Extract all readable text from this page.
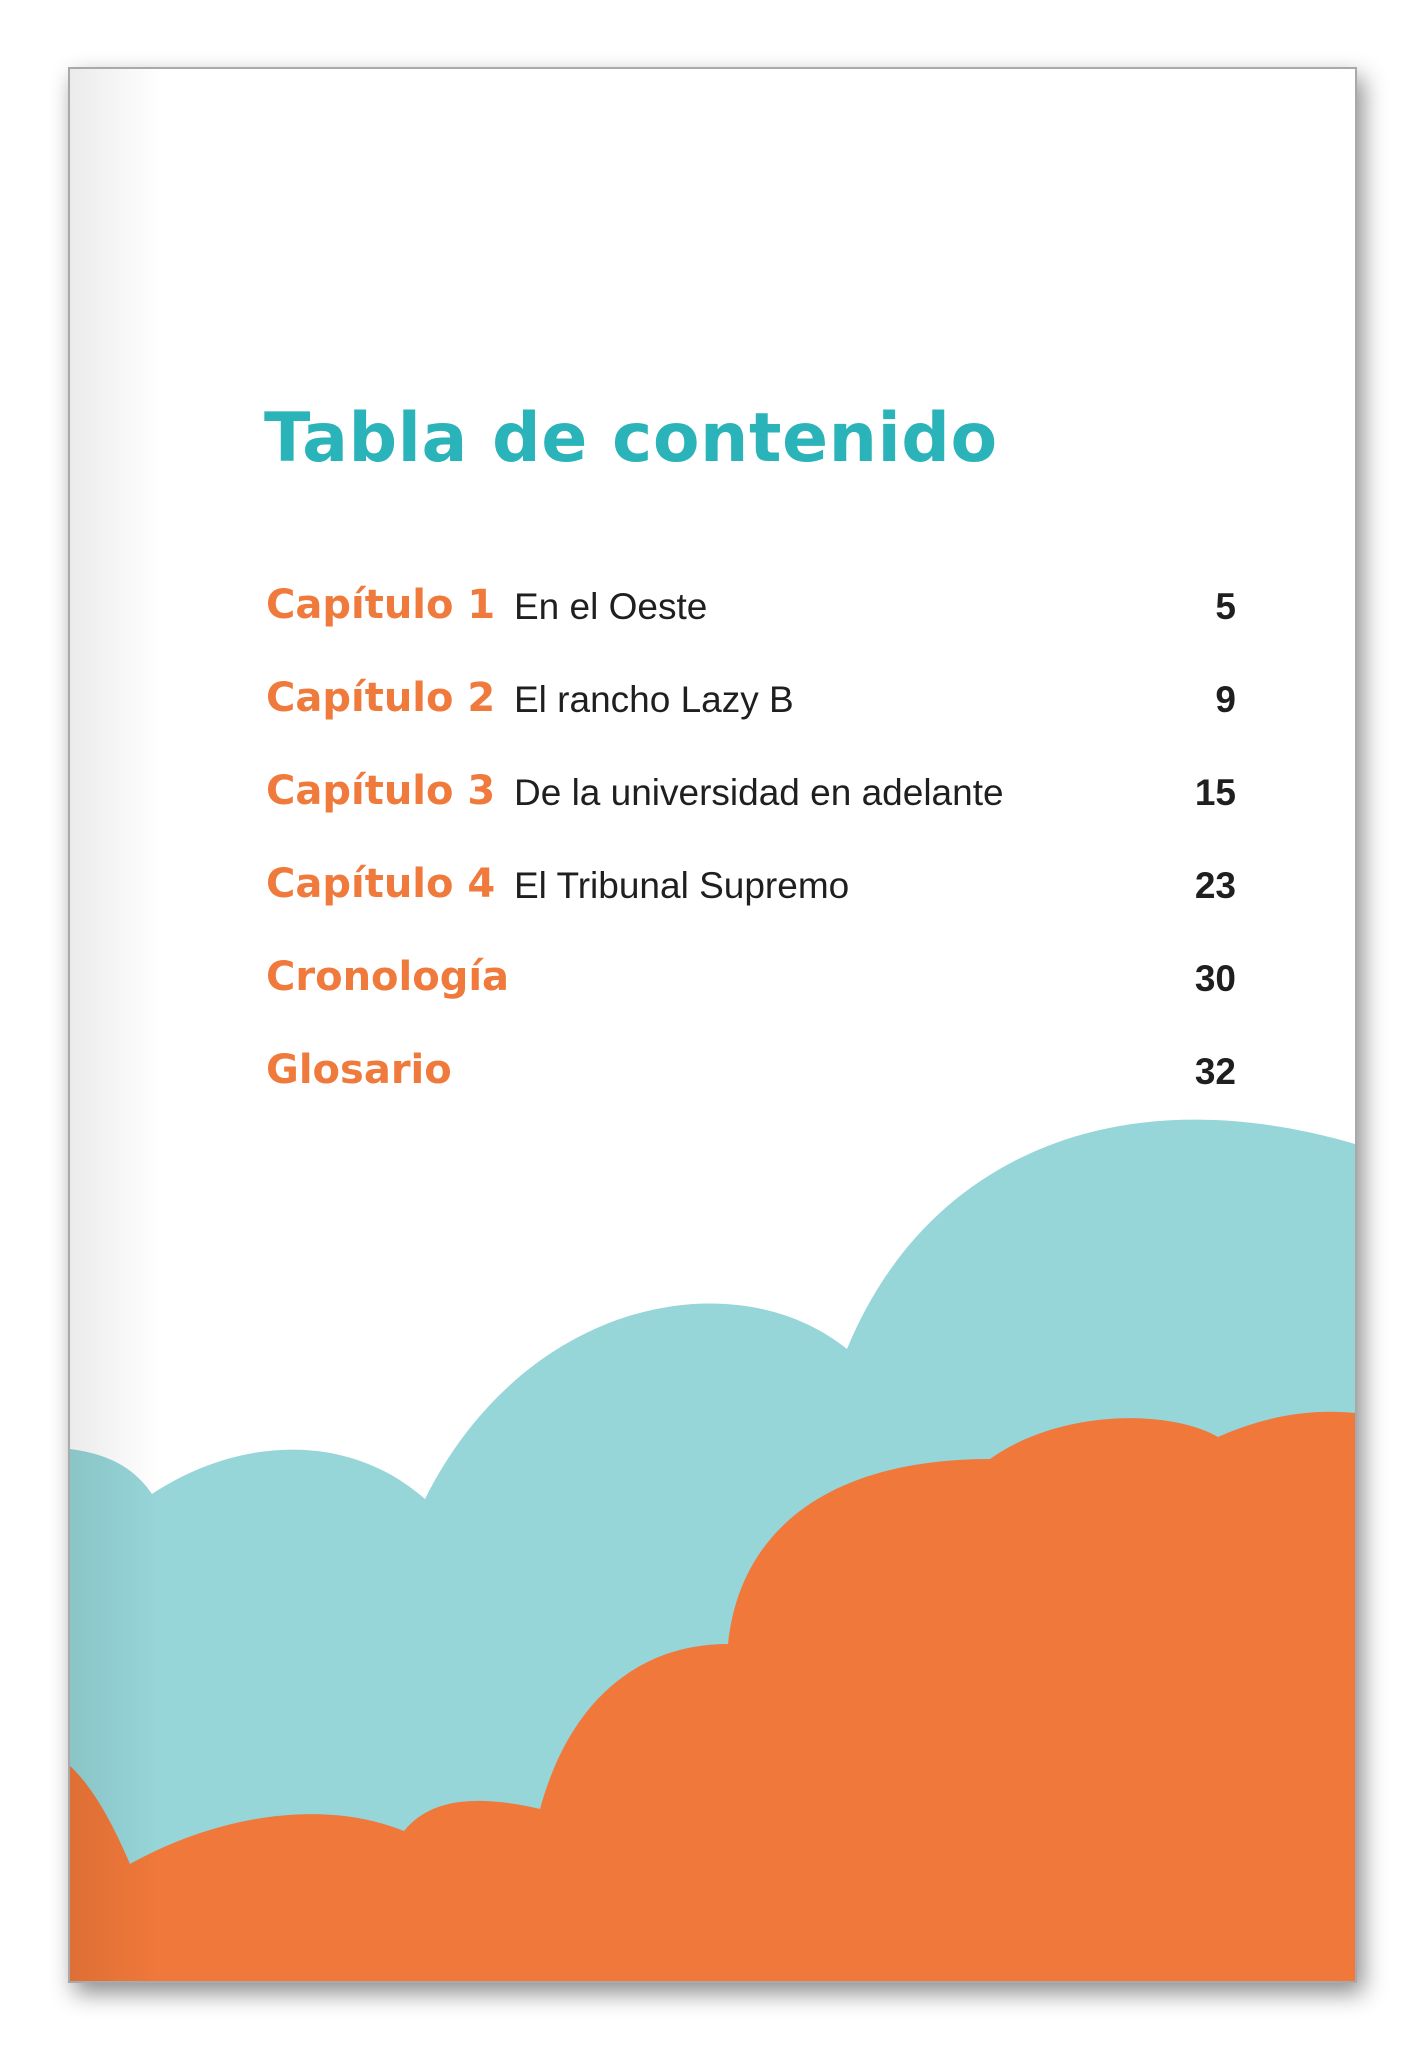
Tabla de contenido
Capítulo 1 En el Oeste	5
Capítulo 2 El rancho Lazy B	9
Capítulo 3 De la universidad en adelante	15
Capítulo 4 El Tribunal Supremo	23
Cronología	30
Glosario	32
